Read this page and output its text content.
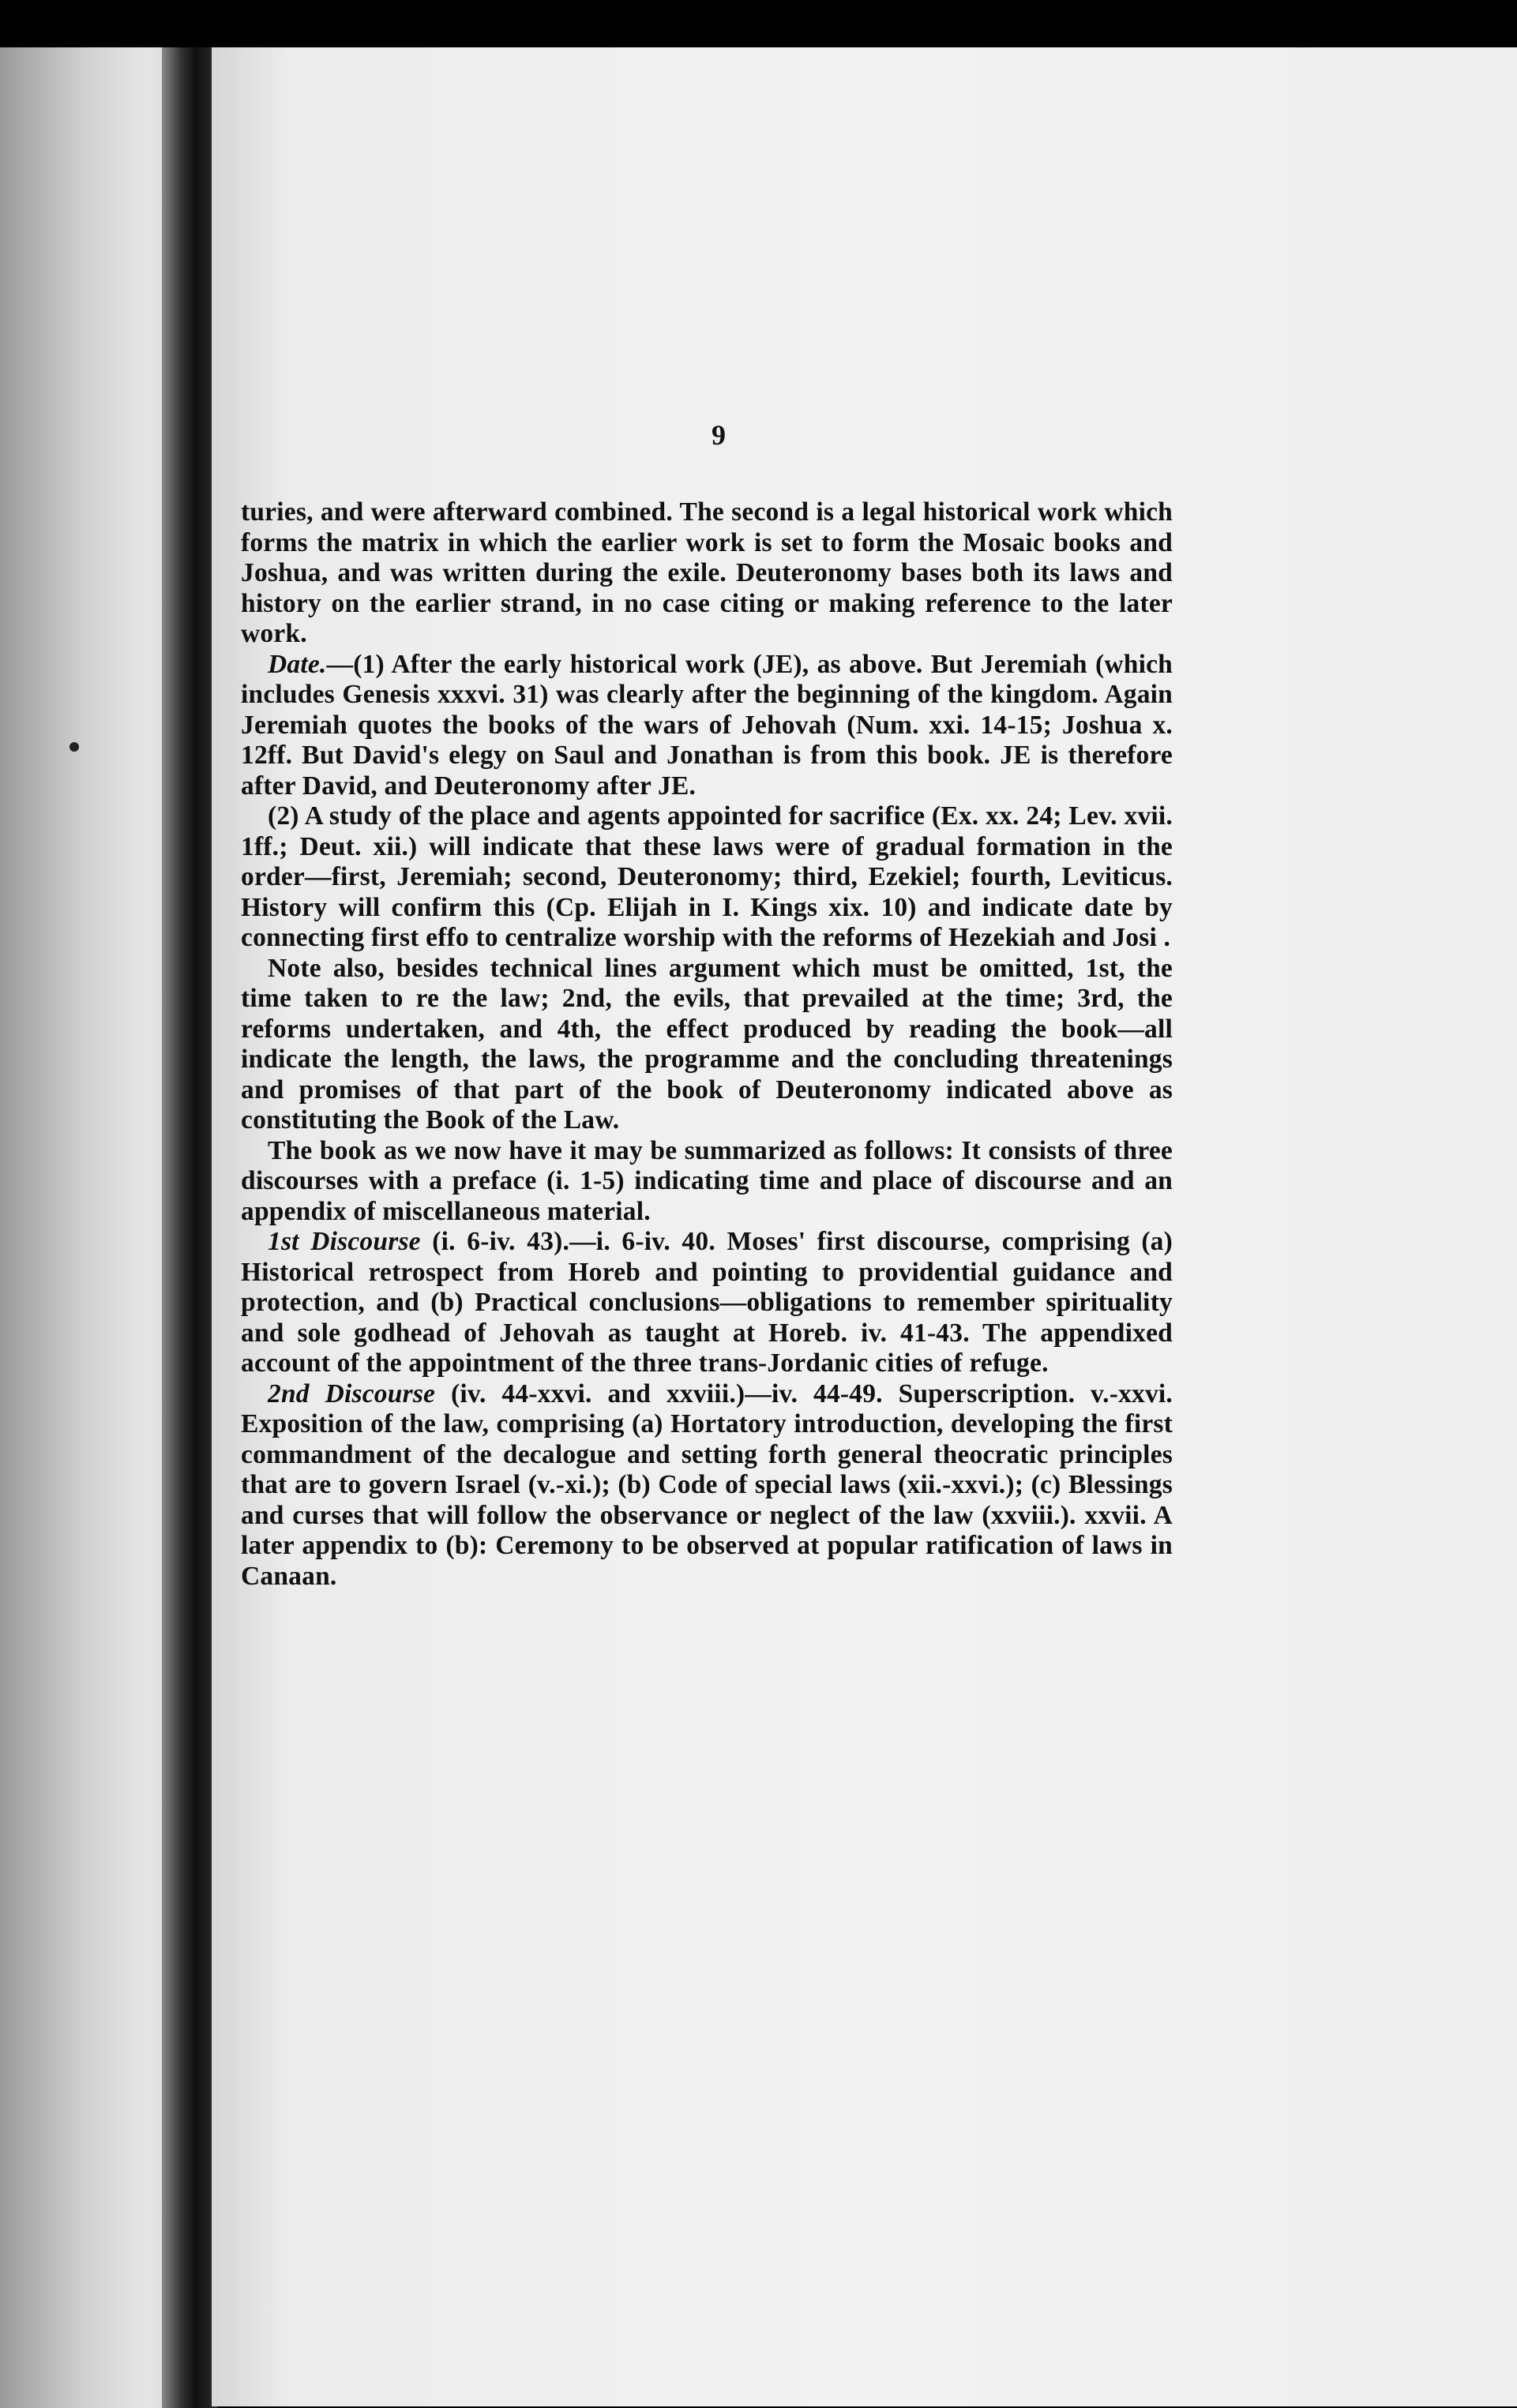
9

turies, and were afterward combined. The second is a legal historical work which forms the matrix in which the earlier work is set to form the Mosaic books and Joshua, and was written during the exile. Deuteronomy bases both its laws and history on the earlier strand, in no case citing or making reference to the later work.

Date.—(1) After the early historical work (JE), as above. But Jeremiah (which includes Genesis xxxvi. 31) was clearly after the beginning of the kingdom. Again Jeremiah quotes the books of the wars of Jehovah (Num. xxi. 14-15; Joshua x. 12ff. But David's elegy on Saul and Jonathan is from this book. JE is therefore after David, and Deuteronomy after JE.

(2) A study of the place and agents appointed for sacrifice (Ex. xx. 24; Lev. xvii. 1ff.; Deut. xii.) will indicate that these laws were of gradual formation in the order—first, Jeremiah; second, Deuteronomy; third, Ezekiel; fourth, Leviticus. History will confirm this (Cp. Elijah in I. Kings xix. 10) and indicate date by connecting first effo to centralize worship with the reforms of Hezekiah and Josi .

Note also, besides technical lines argument which must be omitted, 1st, the time taken to re the law; 2nd, the evils, that prevailed at the time; 3rd, the reforms undertaken, and 4th, the effect produced by reading the book—all indicate the length, the laws, the programme and the concluding threatenings and promises of that part of the book of Deuteronomy indicated above as constituting the Book of the Law.

The book as we now have it may be summarized as follows: It consists of three discourses with a preface (i. 1-5) indicating time and place of discourse and an appendix of miscellaneous material.

1st Discourse (i. 6-iv. 43).—i. 6-iv. 40. Moses' first discourse, comprising (a) Historical retrospect from Horeb and pointing to providential guidance and protection, and (b) Practical conclusions—obligations to remember spirituality and sole godhead of Jehovah as taught at Horeb. iv. 41-43. The appendixed account of the appointment of the three trans-Jordanic cities of refuge.

2nd Discourse (iv. 44-xxvi. and xxviii.)—iv. 44-49. Superscription. v.-xxvi. Exposition of the law, comprising (a) Hortatory introduction, developing the first commandment of the decalogue and setting forth general theocratic principles that are to govern Israel (v.-xi.); (b) Code of special laws (xii.-xxvi.); (c) Blessings and curses that will follow the observance or neglect of the law (xxviii.). xxvii. A later appendix to (b): Ceremony to be observed at popular ratification of laws in Canaan.
